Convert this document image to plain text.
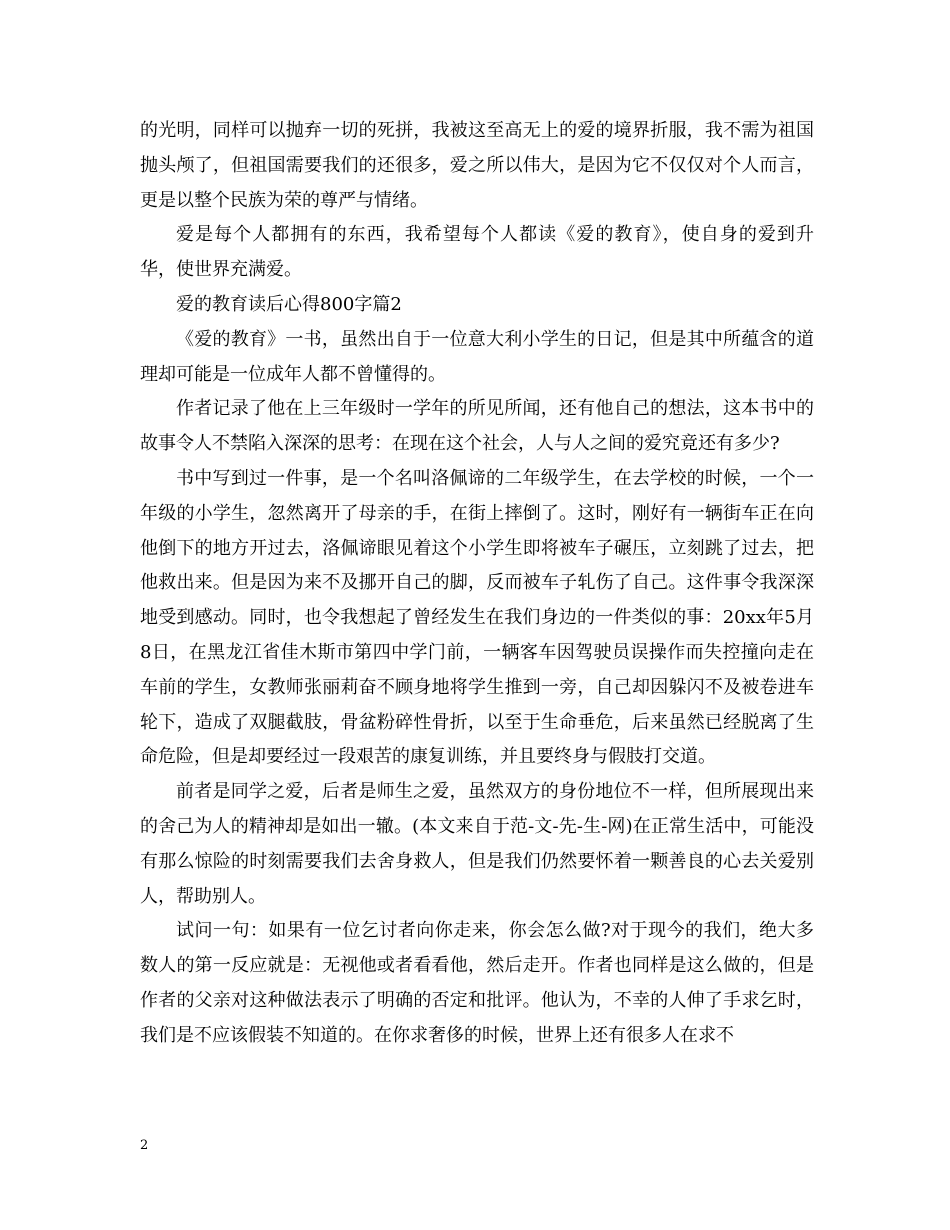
的光明，同样可以抛弃一切的死拼，我被这至高无上的爱的境界折服，我不需为祖国抛头颅了，但祖国需要我们的还很多，爱之所以伟大，是因为它不仅仅对个人而言，更是以整个民族为荣的尊严与情绪。

爱是每个人都拥有的东西，我希望每个人都读《爱的教育》，使自身的爱到升华，使世界充满爱。

爱的教育读后心得800字篇2

《爱的教育》一书，虽然出自于一位意大利小学生的日记，但是其中所蕴含的道理却可能是一位成年人都不曾懂得的。

作者记录了他在上三年级时一学年的所见所闻，还有他自己的想法，这本书中的故事令人不禁陷入深深的思考：在现在这个社会，人与人之间的爱究竟还有多少?

书中写到过一件事，是一个名叫洛佩谛的二年级学生，在去学校的时候，一个一年级的小学生，忽然离开了母亲的手，在街上摔倒了。这时，刚好有一辆街车正在向他倒下的地方开过去，洛佩谛眼见着这个小学生即将被车子碾压，立刻跳了过去，把他救出来。但是因为来不及挪开自己的脚，反而被车子轧伤了自己。这件事令我深深地受到感动。同时，也令我想起了曾经发生在我们身边的一件类似的事：20xx年5月8日，在黑龙江省佳木斯市第四中学门前，一辆客车因驾驶员误操作而失控撞向走在车前的学生，女教师张丽莉奋不顾身地将学生推到一旁，自己却因躲闪不及被卷进车轮下，造成了双腿截肢，骨盆粉碎性骨折，以至于生命垂危，后来虽然已经脱离了生命危险，但是却要经过一段艰苦的康复训练，并且要终身与假肢打交道。

前者是同学之爱，后者是师生之爱，虽然双方的身份地位不一样，但所展现出来的舍己为人的精神却是如出一辙。(本文来自于范-文-先-生-网)在正常生活中，可能没有那么惊险的时刻需要我们去舍身救人，但是我们仍然要怀着一颗善良的心去关爱别人，帮助别人。

试问一句：如果有一位乞讨者向你走来，你会怎么做?对于现今的我们，绝大多数人的第一反应就是：无视他或者看看他，然后走开。作者也同样是这么做的，但是作者的父亲对这种做法表示了明确的否定和批评。他认为，不幸的人伸了手求乞时，我们是不应该假装不知道的。在你求奢侈的时候，世界上还有很多人在求不

2
